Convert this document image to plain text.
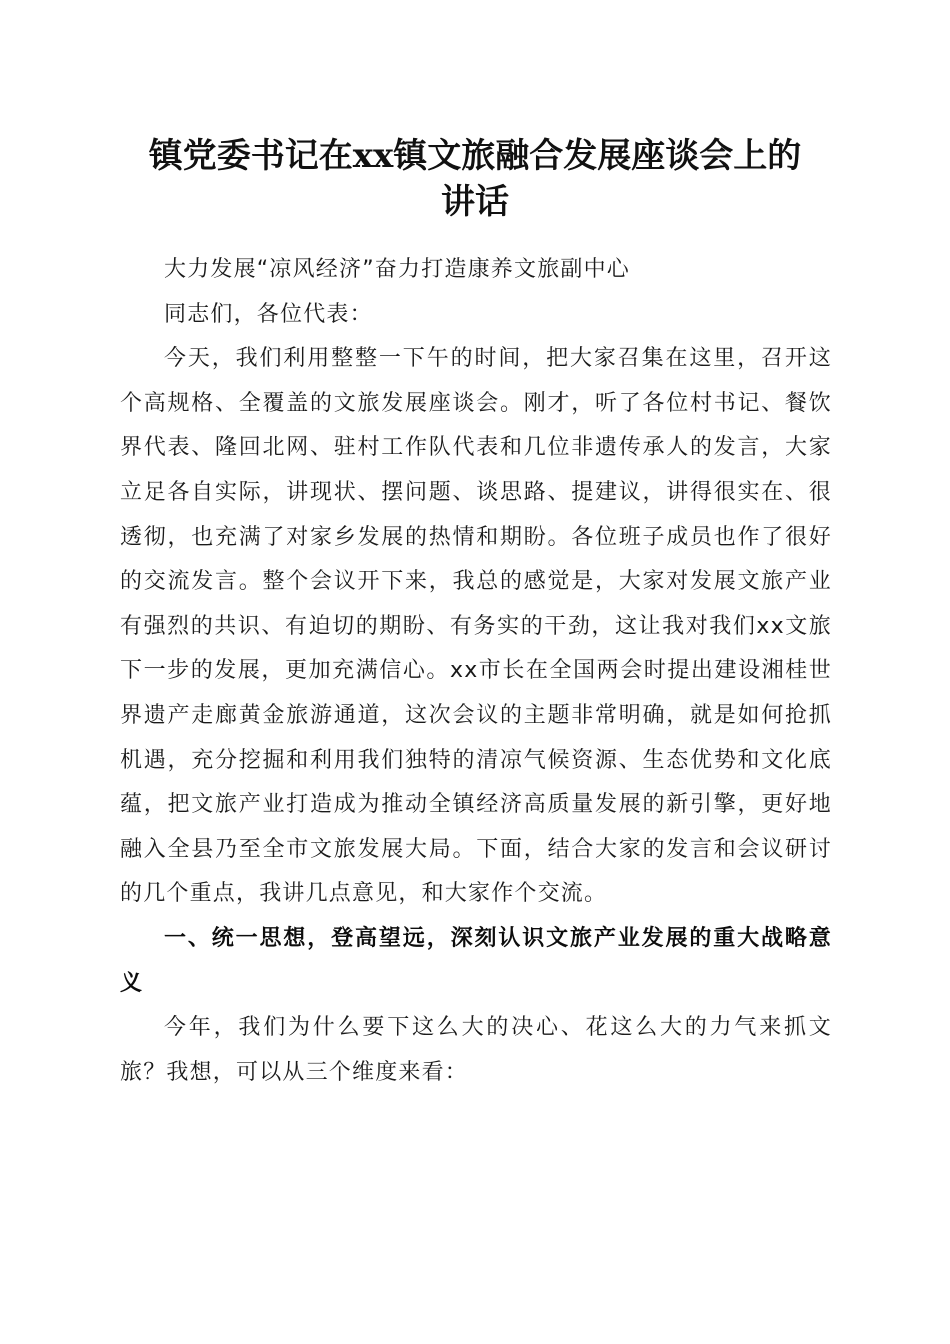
镇党委书记在xx镇文旅融合发展座谈会上的
讲话

大力发展“凉风经济”奋力打造康养文旅副中心

同志们，各位代表：

今天，我们利用整整一下午的时间，把大家召集在这里，召开这个高规格、全覆盖的文旅发展座谈会。刚才，听了各位村书记、餐饮界代表、隆回北网、驻村工作队代表和几位非遗传承人的发言，大家立足各自实际，讲现状、摆问题、谈思路、提建议，讲得很实在、很透彻，也充满了对家乡发展的热情和期盼。各位班子成员也作了很好的交流发言。整个会议开下来，我总的感觉是，大家对发展文旅产业有强烈的共识、有迫切的期盼、有务实的干劲，这让我对我们xx文旅下一步的发展，更加充满信心。xx市长在全国两会时提出建设湘桂世界遗产走廊黄金旅游通道，这次会议的主题非常明确，就是如何抢抓机遇，充分挖掘和利用我们独特的清凉气候资源、生态优势和文化底蕴，把文旅产业打造成为推动全镇经济高质量发展的新引擎，更好地融入全县乃至全市文旅发展大局。下面，结合大家的发言和会议研讨的几个重点，我讲几点意见，和大家作个交流。

一、统一思想，登高望远，深刻认识文旅产业发展的重大战略意义

今年，我们为什么要下这么大的决心、花这么大的力气来抓文旅？我想，可以从三个维度来看：
